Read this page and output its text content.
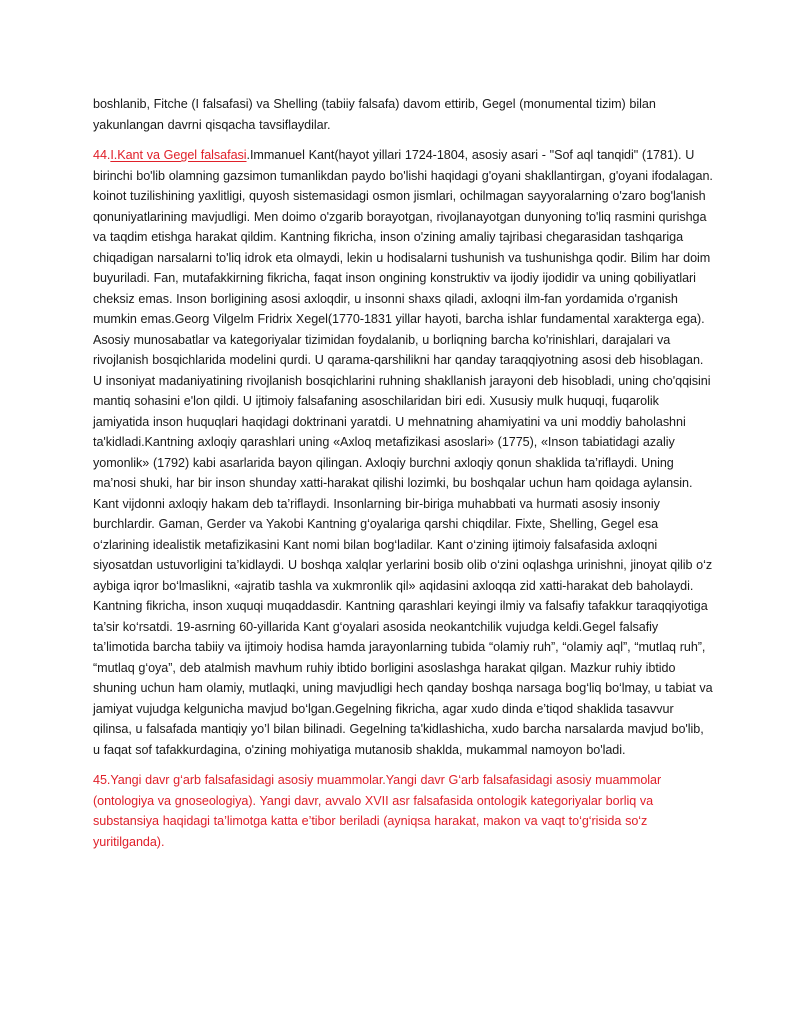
boshlanib, Fitche (I falsafasi) va Shelling (tabiiy falsafa) davom ettirib, Gegel (monumental tizim) bilan yakunlangan davrni qisqacha tavsiflaydilar.

44.I.Kant va Gegel falsafasi.Immanuel Kant(hayot yillari 1724-1804, asosiy asari - "Sof aql tanqidi" (1781). U birinchi bo'lib olamning gazsimon tumanlikdan paydo bo'lishi haqidagi g'oyani shakllantirgan, g'oyani ifodalagan. koinot tuzilishining yaxlitligi, quyosh sistemasidagi osmon jismlari, ochilmagan sayyoralarning o'zaro bog'lanish qonuniyatlarining mavjudligi. Men doimo o'zgarib borayotgan, rivojlanayotgan dunyoning to'liq rasmini qurishga va taqdim etishga harakat qildim. Kantning fikricha, inson o'zining amaliy tajribasi chegarasidan tashqariga chiqadigan narsalarni to'liq idrok eta olmaydi, lekin u hodisalarni tushunish va tushunishga qodir. Bilim har doim buyuriladi. Fan, mutafakkirning fikricha, faqat inson ongining konstruktiv va ijodiy ijodidir va uning qobiliyatlari cheksiz emas. Inson borligining asosi axloqdir, u insonni shaxs qiladi, axloqni ilm-fan yordamida o'rganish mumkin emas.Georg Vilgelm Fridrix Xegel(1770-1831 yillar hayoti, barcha ishlar fundamental xarakterga ega). Asosiy munosabatlar va kategoriyalar tizimidan foydalanib, u borliqning barcha ko'rinishlari, darajalari va rivojlanish bosqichlarida modelini qurdi. U qarama-qarshilikni har qanday taraqqiyotning asosi deb hisoblagan. U insoniyat madaniyatining rivojlanish bosqichlarini ruhning shakllanish jarayoni deb hisobladi, uning cho'qqisini mantiq sohasini e'lon qildi. U ijtimoiy falsafaning asoschilaridan biri edi. Xususiy mulk huquqi, fuqarolik jamiyatida inson huquqlari haqidagi doktrinani yaratdi. U mehnatning ahamiyatini va uni moddiy baholashni ta'kidladi.Kantning axloqiy qarashlari uning «Axloq metafizikasi asoslari» (1775), «Inson tabiatidagi azaliy yomonlik» (1792) kabi asarlarida bayon qilingan. Axloqiy burchni axloqiy qonun shaklida ta’riflaydi. Uning ma’nosi shuki, har bir inson shunday xatti-harakat qilishi lozimki, bu boshqalar uchun ham qoidaga aylansin. Kant vijdonni axloqiy hakam deb ta’riflaydi. Insonlarning bir-biriga muhabbati va hurmati asosiy insoniy burchlardir. Gaman, Gerder va Yakobi Kantning g‘oyalariga qarshi chiqdilar. Fixte, Shelling, Gegel esa o‘zlarining idealistik metafizikasini Kant nomi bilan bog‘ladilar. Kant o‘zining ijtimoiy falsafasida axloqni siyosatdan ustuvorligini ta’kidlaydi. U boshqa xalqlar yerlarini bosib olib o‘zini oqlashga urinishni, jinoyat qilib o‘z aybiga iqror bo‘lmaslikni, «ajratib tashla va xukmronlik qil» aqidasini axloqqa zid xatti-harakat deb baholaydi. Kantning fikricha, inson xuquqi muqaddasdir. Kantning qarashlari keyingi ilmiy va falsafiy tafakkur taraqqiyotiga ta’sir ko‘rsatdi. 19-asrning 60-yillarida Kant g‘oyalari asosida neokantchilik vujudga keldi.Gegel falsafiy ta’limotida barcha tabiiy va ijtimoiy hodisa hamda jarayonlarning tubida “olamiy ruh”, “olamiy aql”, “mutlaq ruh”, “mutlaq g‘oya”, deb atalmish mavhum ruhiy ibtido borligini asoslashga harakat qilgan. Mazkur ruhiy ibtido shuning uchun ham olamiy, mutlaqki, uning mavjudligi hech qanday boshqa narsaga bog‘liq bo‘lmay, u tabiat va jamiyat vujudga kelgunicha mavjud bo‘lgan.Gegelning fikricha, agar xudo dinda e’tiqod shaklida tasavvur qilinsa, u falsafada mantiqiy yo’l bilan bilinadi. Gegelning ta'kidlashicha, xudo barcha narsalarda mavjud bo'lib, u faqat sof tafakkurdagina, o'zining mohiyatiga mutanosib shaklda, mukammal namoyon bo'ladi.

45.Yangi davr g‘arb falsafasidagi asosiy muammolar.Yangi davr G‘arb falsafasidagi asosiy muammolar (ontologiya va gnoseologiya). Yangi davr, avvalo XVII asr falsafasida ontologik kategoriyalar borliq va substansiya haqidagi ta’limotga katta e’tibor beriladi (ayniqsa harakat, makon va vaqt to‘g‘risida so‘z yuritilganda).
